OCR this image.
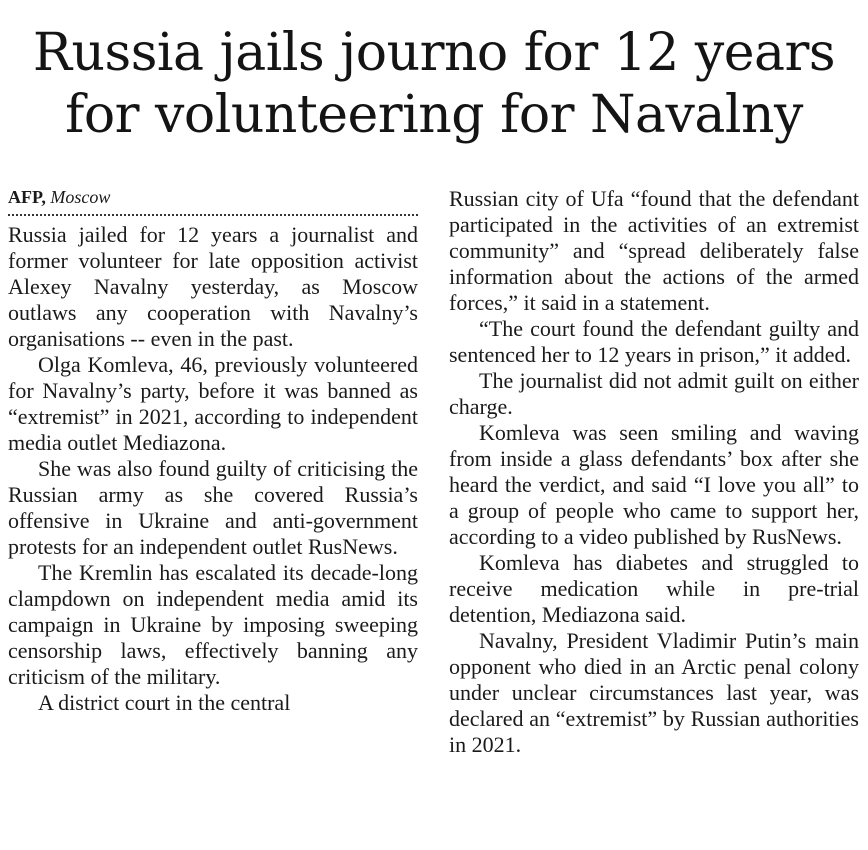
Russia jails journo for 12 years for volunteering for Navalny
AFP, Moscow

Russia jailed for 12 years a journalist and former volunteer for late opposition activist Alexey Navalny yesterday, as Moscow outlaws any cooperation with Navalny’s organisations -- even in the past.

Olga Komleva, 46, previously volunteered for Navalny’s party, before it was banned as “extremist” in 2021, according to independent media outlet Mediazona.

She was also found guilty of criticising the Russian army as she covered Russia’s offensive in Ukraine and anti-government protests for an independent outlet RusNews.

The Kremlin has escalated its decade-long clampdown on independent media amid its campaign in Ukraine by imposing sweeping censorship laws, effectively banning any criticism of the military.

A district court in the central

Russian city of Ufa “found that the defendant participated in the activities of an extremist community” and “spread deliberately false information about the actions of the armed forces,” it said in a statement.

“The court found the defendant guilty and sentenced her to 12 years in prison,” it added.

The journalist did not admit guilt on either charge.

Komleva was seen smiling and waving from inside a glass defendants’ box after she heard the verdict, and said “I love you all” to a group of people who came to support her, according to a video published by RusNews.

Komleva has diabetes and struggled to receive medication while in pre-trial detention, Mediazona said.

Navalny, President Vladimir Putin’s main opponent who died in an Arctic penal colony under unclear circumstances last year, was declared an “extremist” by Russian authorities in 2021.
